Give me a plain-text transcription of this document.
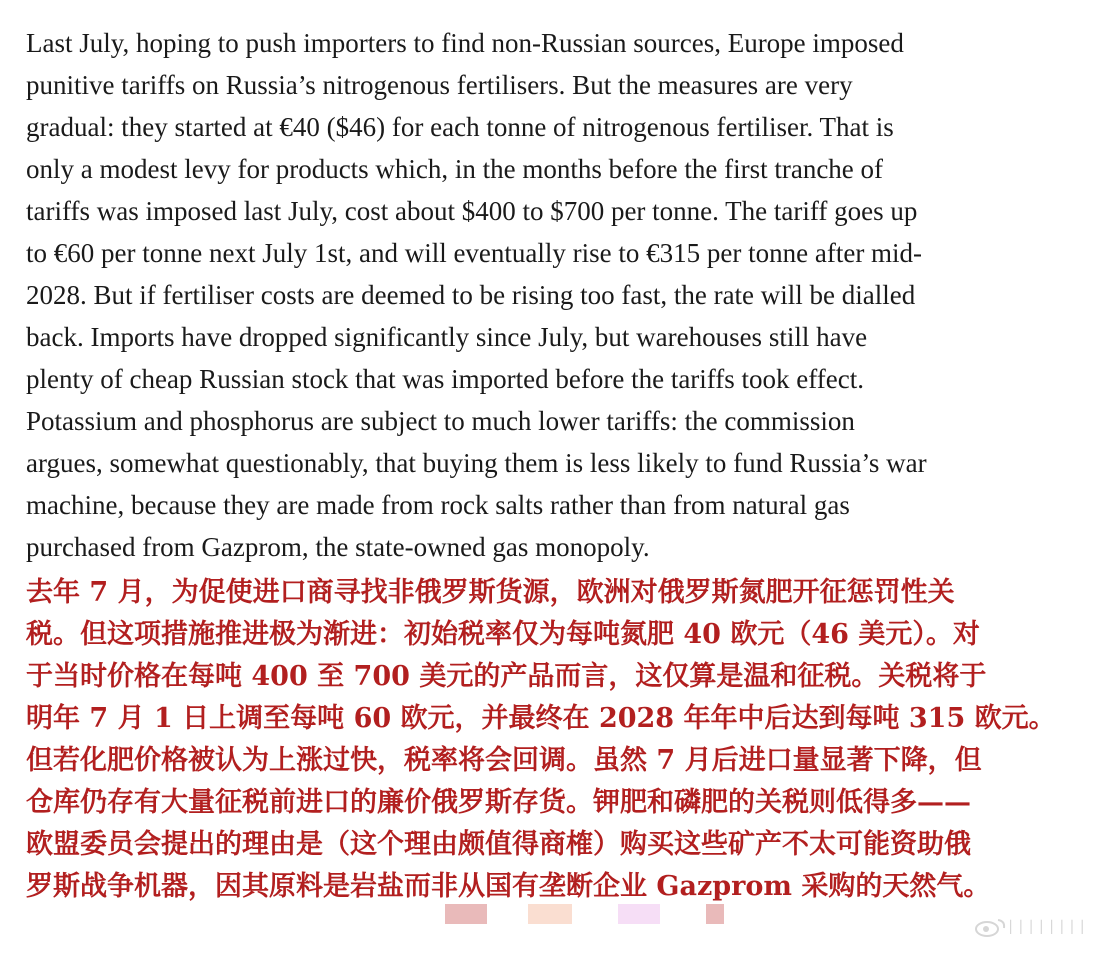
Last July, hoping to push importers to find non-Russian sources, Europe imposed
punitive tariffs on Russia’s nitrogenous fertilisers. But the measures are very
gradual: they started at €40 ($46) for each tonne of nitrogenous fertiliser. That is
only a modest levy for products which, in the months before the first tranche of
tariffs was imposed last July, cost about $400 to $700 per tonne. The tariff goes up
to €60 per tonne next July 1st, and will eventually rise to €315 per tonne after mid-
2028. But if fertiliser costs are deemed to be rising too fast, the rate will be dialled
back. Imports have dropped significantly since July, but warehouses still have
plenty of cheap Russian stock that was imported before the tariffs took effect.
Potassium and phosphorus are subject to much lower tariffs: the commission
argues, somewhat questionably, that buying them is less likely to fund Russia’s war
machine, because they are made from rock salts rather than from natural gas
purchased from Gazprom, the state-owned gas monopoly.

去年 7 月，为促使进口商寻找非俄罗斯货源，欧洲对俄罗斯氮肥开征惩罚性关
税。但这项措施推进极为渐进：初始税率仅为每吨氮肥 40 欧元（46 美元）。对
于当时价格在每吨 400 至 700 美元的产品而言，这仅算是温和征税。关税将于
明年 7 月 1 日上调至每吨 60 欧元，并最终在 2028 年年中后达到每吨 315 欧元。
但若化肥价格被认为上涨过快，税率将会回调。虽然 7 月后进口量显著下降，但
仓库仍存有大量征税前进口的廉价俄罗斯存货。钾肥和磷肥的关税则低得多——
欧盟委员会提出的理由是（这个理由颇值得商榷）购买这些矿产不太可能资助俄
罗斯战争机器，因其原料是岩盐而非从国有垄断企业 Gazprom 采购的天然气。

▏▏▏▏▏▏▏▏
